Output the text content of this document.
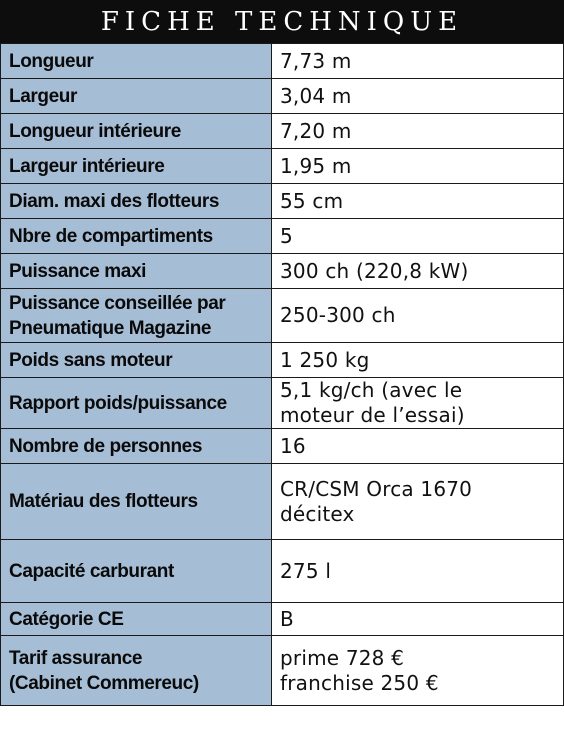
FICHE TECHNIQUE
Longueur	7,73 m

Largeur	3,04 m

Longueur intérieure	7,20 m

Largeur intérieure	1,95 m

Diam. maxi des flotteurs	55 cm

Nbre de compartiments	5

Puissance maxi	300 ch (220,8 kW)

Puissance conseillée par
Pneumatique Magazine	250-300 ch

Poids sans moteur	1 250 kg

Rapport poids/puissance	5,1 kg/ch (avec le
moteur de l’essai)

Nombre de personnes	16

Matériau des flotteurs	CR/CSM Orca 1670
décitex

Capacité carburant	275 l

Catégorie CE	B

Tarif assurance
(Cabinet Commereuc)	prime 728 €
franchise 250 €
